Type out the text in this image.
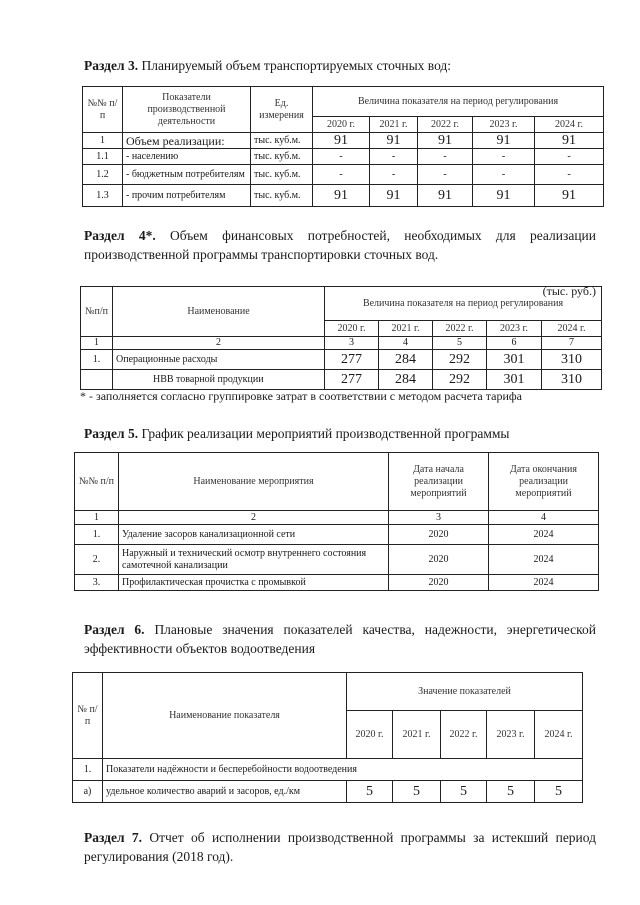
Раздел 3. Планируемый объем транспортируемых сточных вод:
№№ п/п	Показатели производственной деятельности	Ед. измерения	Величина показателя на период регулирования				
			2020 г.	2021 г.	2022 г.	2023 г.	2024 г.
1	Объем реализации:	тыс. куб.м.	91	91	91	91	91
1.1	- населению	тыс. куб.м.	-	-	-	-	-
1.2	- бюджетным потребителям	тыс. куб.м.	-	-	-	-	-
1.3	- прочим потребителям	тыс. куб.м.	91	91	91	91	91
Раздел 4*. Объем финансовых потребностей, необходимых для реализации производственной программы транспортировки сточных вод.
(тыс. руб.)
№п/п	Наименование	Величина показателя на период регулирования				
		2020 г.	2021 г.	2022 г.	2023 г.	2024 г.
1	2	3	4	5	6	7
1.	Операционные расходы	277	284	292	301	310
	НВВ товарной продукции	277	284	292	301	310
* - заполняется согласно группировке затрат в соответствии с методом расчета тарифа
Раздел 5. График реализации мероприятий производственной программы
№№ п/п	Наименование мероприятия	Дата начала реализации мероприятий	Дата окончания реализации мероприятий
1	2	3	4
1.	Удаление засоров канализационной сети	2020	2024
2.	Наружный и технический осмотр внутреннего состояния самотечной канализации	2020	2024
3.	Профилактическая прочистка с промывкой	2020	2024
Раздел 6. Плановые значения показателей качества, надежности, энергетической эффективности объектов водоотведения
№ п/п	Наименование показателя	Значение показателей				
		2020 г.	2021 г.	2022 г.	2023 г.	2024 г.
1.	Показатели надёжности и бесперебойности водоотведения					
а)	удельное количество аварий и засоров, ед./км	5	5	5	5	5
Раздел 7. Отчет об исполнении производственной программы за истекший период регулирования (2018 год).
